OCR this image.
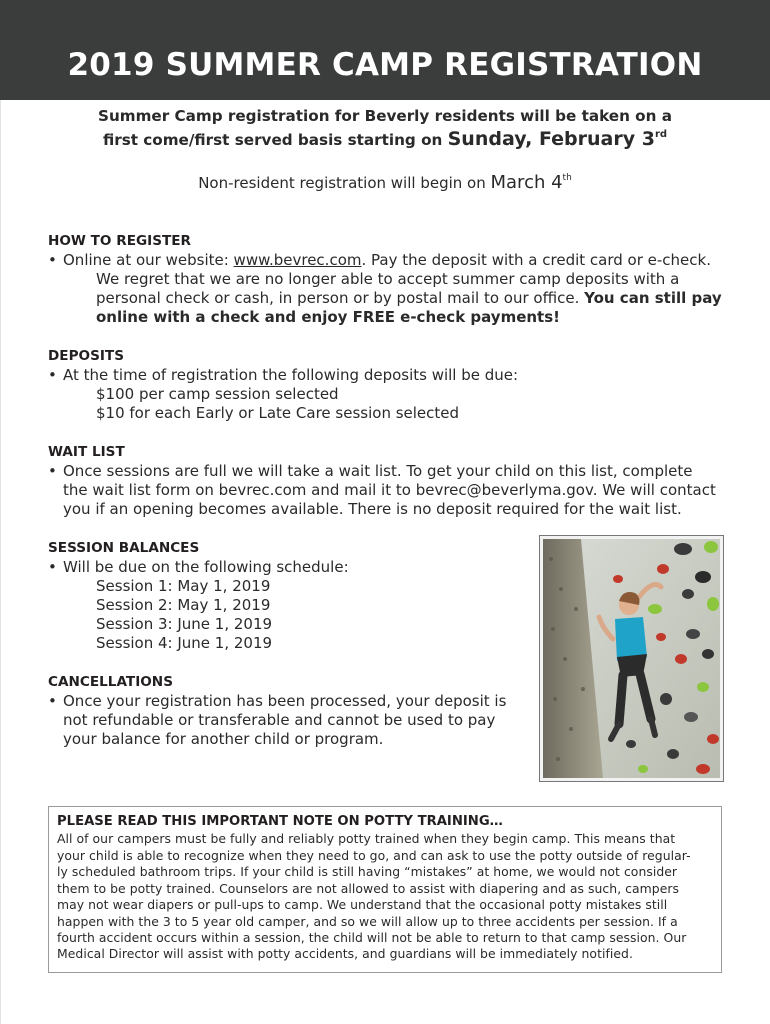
2019 SUMMER CAMP REGISTRATION
Summer Camp registration for Beverly residents will be taken on a
first come/first served basis starting on Sunday, February 3rd
Non-resident registration will begin on March 4th
HOW TO REGISTER
• Online at our website: www.bevrec.com. Pay the deposit with a credit card or e-check.
We regret that we are no longer able to accept summer camp deposits with a
personal check or cash, in person or by postal mail to our office. You can still pay
online with a check and enjoy FREE e-check payments!
DEPOSITS
• At the time of registration the following deposits will be due:
$100 per camp session selected
$10 for each Early or Late Care session selected
WAIT LIST
• Once sessions are full we will take a wait list. To get your child on this list, complete
the wait list form on bevrec.com and mail it to bevrec@beverlyma.gov. We will contact
you if an opening becomes available. There is no deposit required for the wait list.
SESSION BALANCES
• Will be due on the following schedule:
Session 1: May 1, 2019
Session 2: May 1, 2019
Session 3: June 1, 2019
Session 4: June 1, 2019
CANCELLATIONS
• Once your registration has been processed, your deposit is
not refundable or transferable and cannot be used to pay
your balance for another child or program.
PLEASE READ THIS IMPORTANT NOTE ON POTTY TRAINING…
All of our campers must be fully and reliably potty trained when they begin camp. This means that
your child is able to recognize when they need to go, and can ask to use the potty outside of regular-
ly scheduled bathroom trips. If your child is still having “mistakes” at home, we would not consider
them to be potty trained. Counselors are not allowed to assist with diapering and as such, campers
may not wear diapers or pull-ups to camp. We understand that the occasional potty mistakes still
happen with the 3 to 5 year old camper, and so we will allow up to three accidents per session. If a
fourth accident occurs within a session, the child will not be able to return to that camp session. Our
Medical Director will assist with potty accidents, and guardians will be immediately notified.
